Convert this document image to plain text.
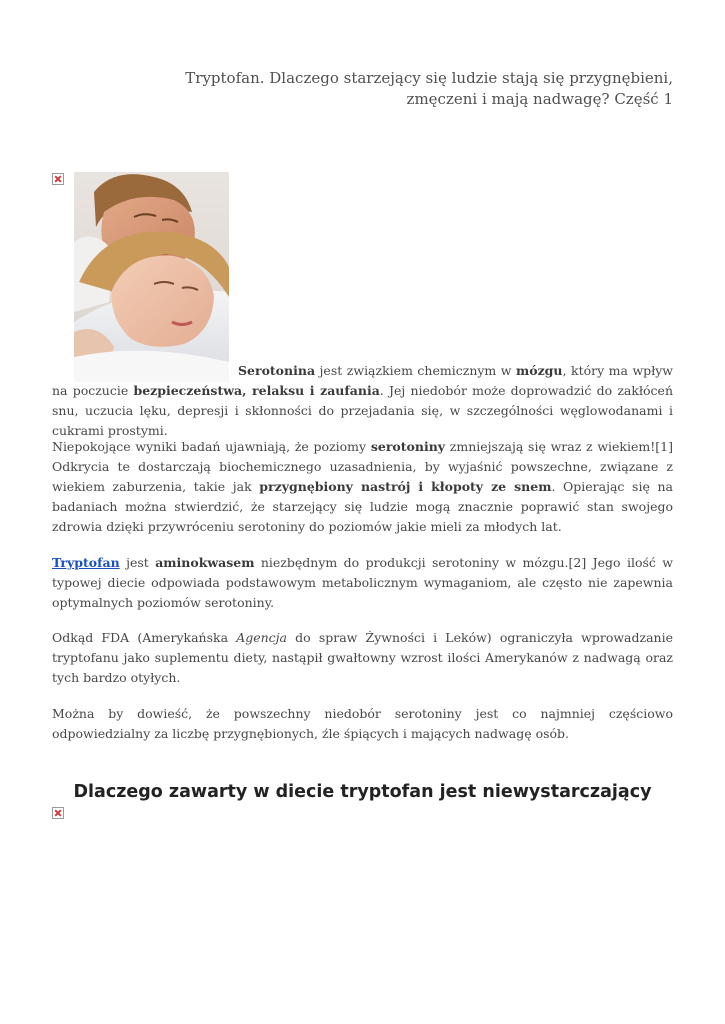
Tryptofan. Dlaczego starzejący się ludzie stają się przygnębieni,
zmęczeni i mają nadwagę? Część 1

Serotonina jest związkiem chemicznym w mózgu, który ma wpływ na poczucie bezpieczeństwa, relaksu i zaufania. Jej niedobór może doprowadzić do zakłóceń snu, uczucia lęku, depresji i skłonności do przejadania się, w szczególności węglowodanami i cukrami prostymi.

Niepokojące wyniki badań ujawniają, że poziomy serotoniny zmniejszają się wraz z wiekiem![1] Odkrycia te dostarczają biochemicznego uzasadnienia, by wyjaśnić powszechne, związane z wiekiem zaburzenia, takie jak przygnębiony nastrój i kłopoty ze snem. Opierając się na badaniach można stwierdzić, że starzejący się ludzie mogą znacznie poprawić stan swojego zdrowia dzięki przywróceniu serotoniny do poziomów jakie mieli za młodych lat.

Tryptofan jest aminokwasem niezbędnym do produkcji serotoniny w mózgu.[2] Jego ilość w typowej diecie odpowiada podstawowym metabolicznym wymaganiom, ale często nie zapewnia optymalnych poziomów serotoniny.

Odkąd FDA (Amerykańska Agencja do spraw Żywności i Leków) ograniczyła wprowadzanie tryptofanu jako suplementu diety, nastąpił gwałtowny wzrost ilości Amerykanów z nadwagą oraz tych bardzo otyłych.

Można by dowieść, że powszechny niedobór serotoniny jest co najmniej częściowo odpowiedzialny za liczbę przygnębionych, źle śpiących i mających nadwagę osób.

Dlaczego zawarty w diecie tryptofan jest niewystarczający
